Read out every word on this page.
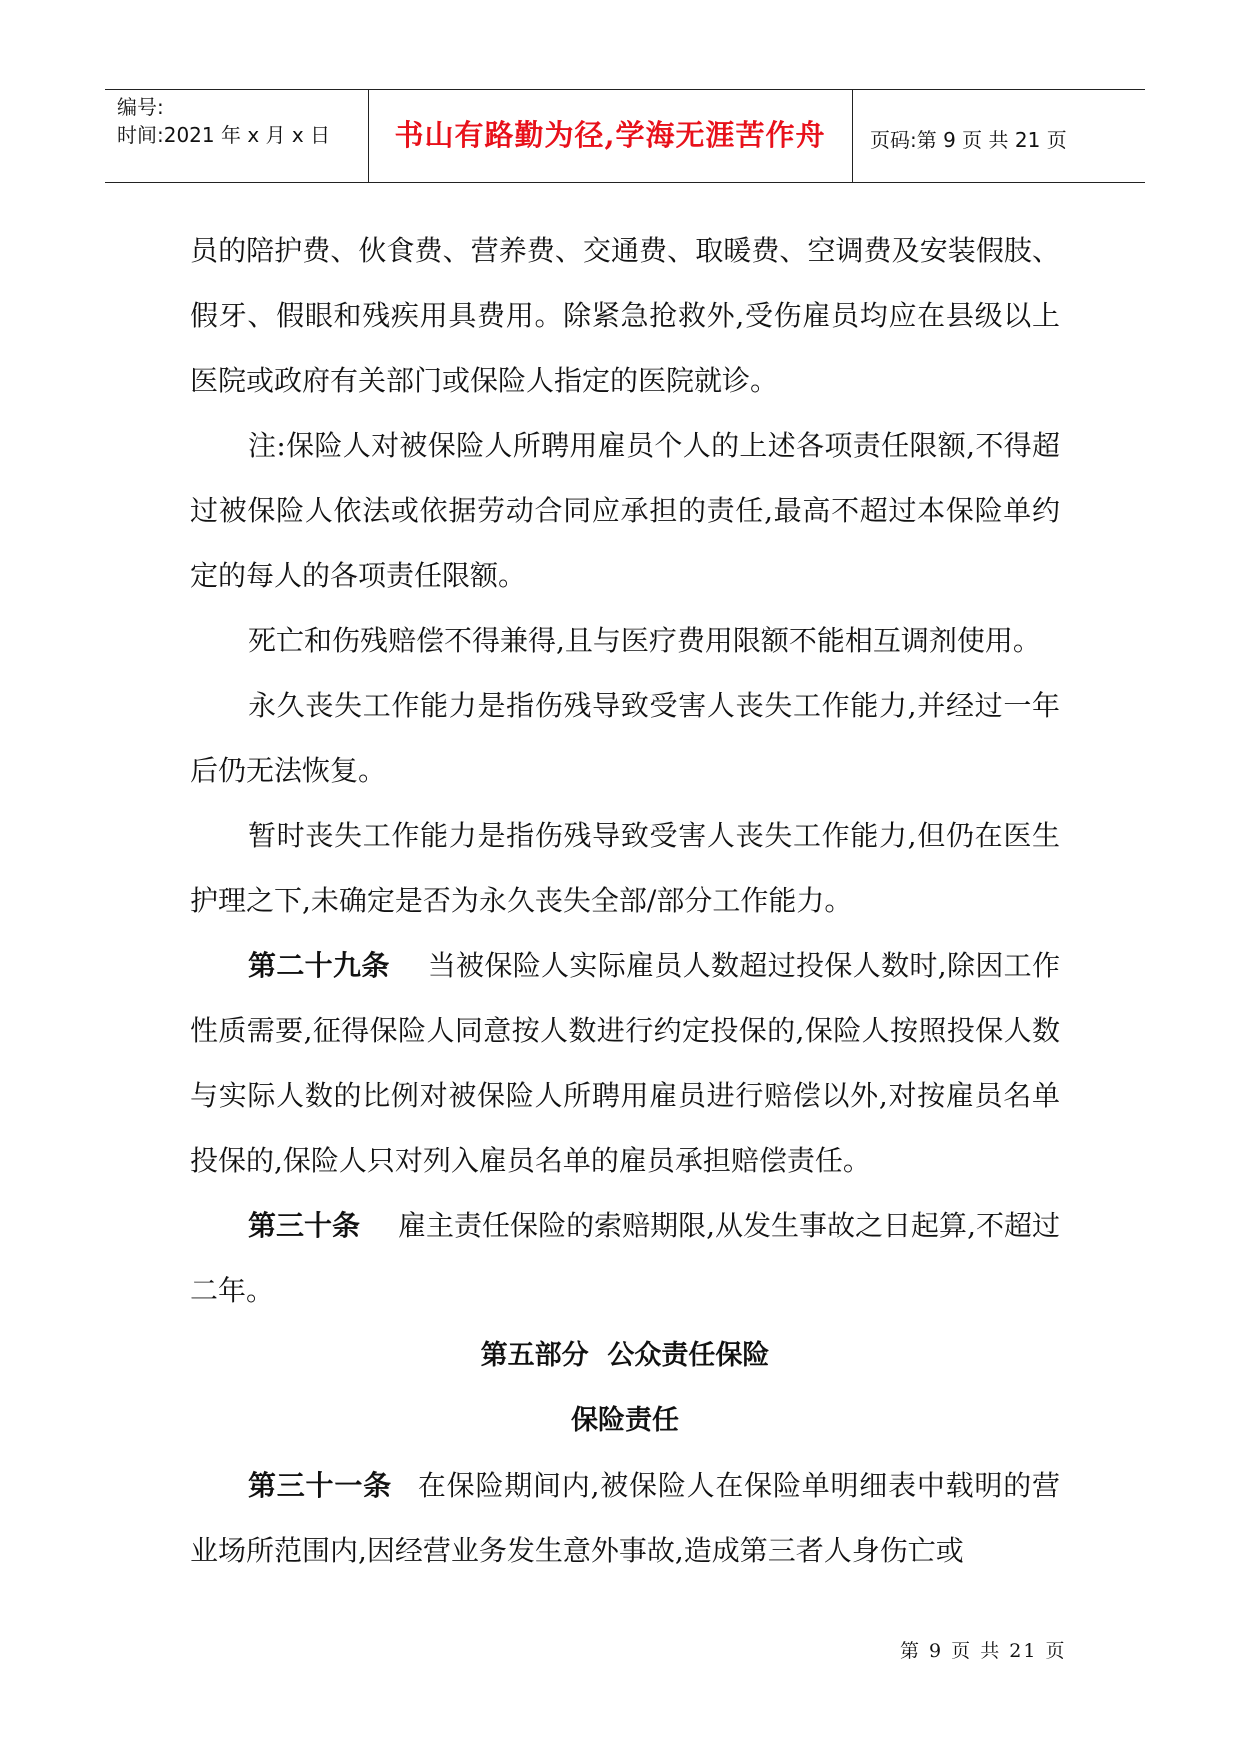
编号:
时间:2021 年 x 月 x 日	书山有路勤为径,学海无涯苦作舟	页码:第 9 页 共 21 页

员的陪护费、伙食费、营养费、交通费、取暖费、空调费及安装假肢、假牙、假眼和残疾用具费用。除紧急抢救外,受伤雇员均应在县级以上医院或政府有关部门或保险人指定的医院就诊。

注:保险人对被保险人所聘用雇员个人的上述各项责任限额,不得超过被保险人依法或依据劳动合同应承担的责任,最高不超过本保险单约定的每人的各项责任限额。

死亡和伤残赔偿不得兼得,且与医疗费用限额不能相互调剂使用。

永久丧失工作能力是指伤残导致受害人丧失工作能力,并经过一年后仍无法恢复。

暂时丧失工作能力是指伤残导致受害人丧失工作能力,但仍在医生护理之下,未确定是否为永久丧失全部/部分工作能力。

第二十九条 当被保险人实际雇员人数超过投保人数时,除因工作性质需要,征得保险人同意按人数进行约定投保的,保险人按照投保人数与实际人数的比例对被保险人所聘用雇员进行赔偿以外,对按雇员名单投保的,保险人只对列入雇员名单的雇员承担赔偿责任。

第三十条 雇主责任保险的索赔期限,从发生事故之日起算,不超过二年。

第五部分  公众责任保险

保险责任

第三十一条 在保险期间内,被保险人在保险单明细表中载明的营业场所范围内,因经营业务发生意外事故,造成第三者人身伤亡或

第 9 页 共 21 页
